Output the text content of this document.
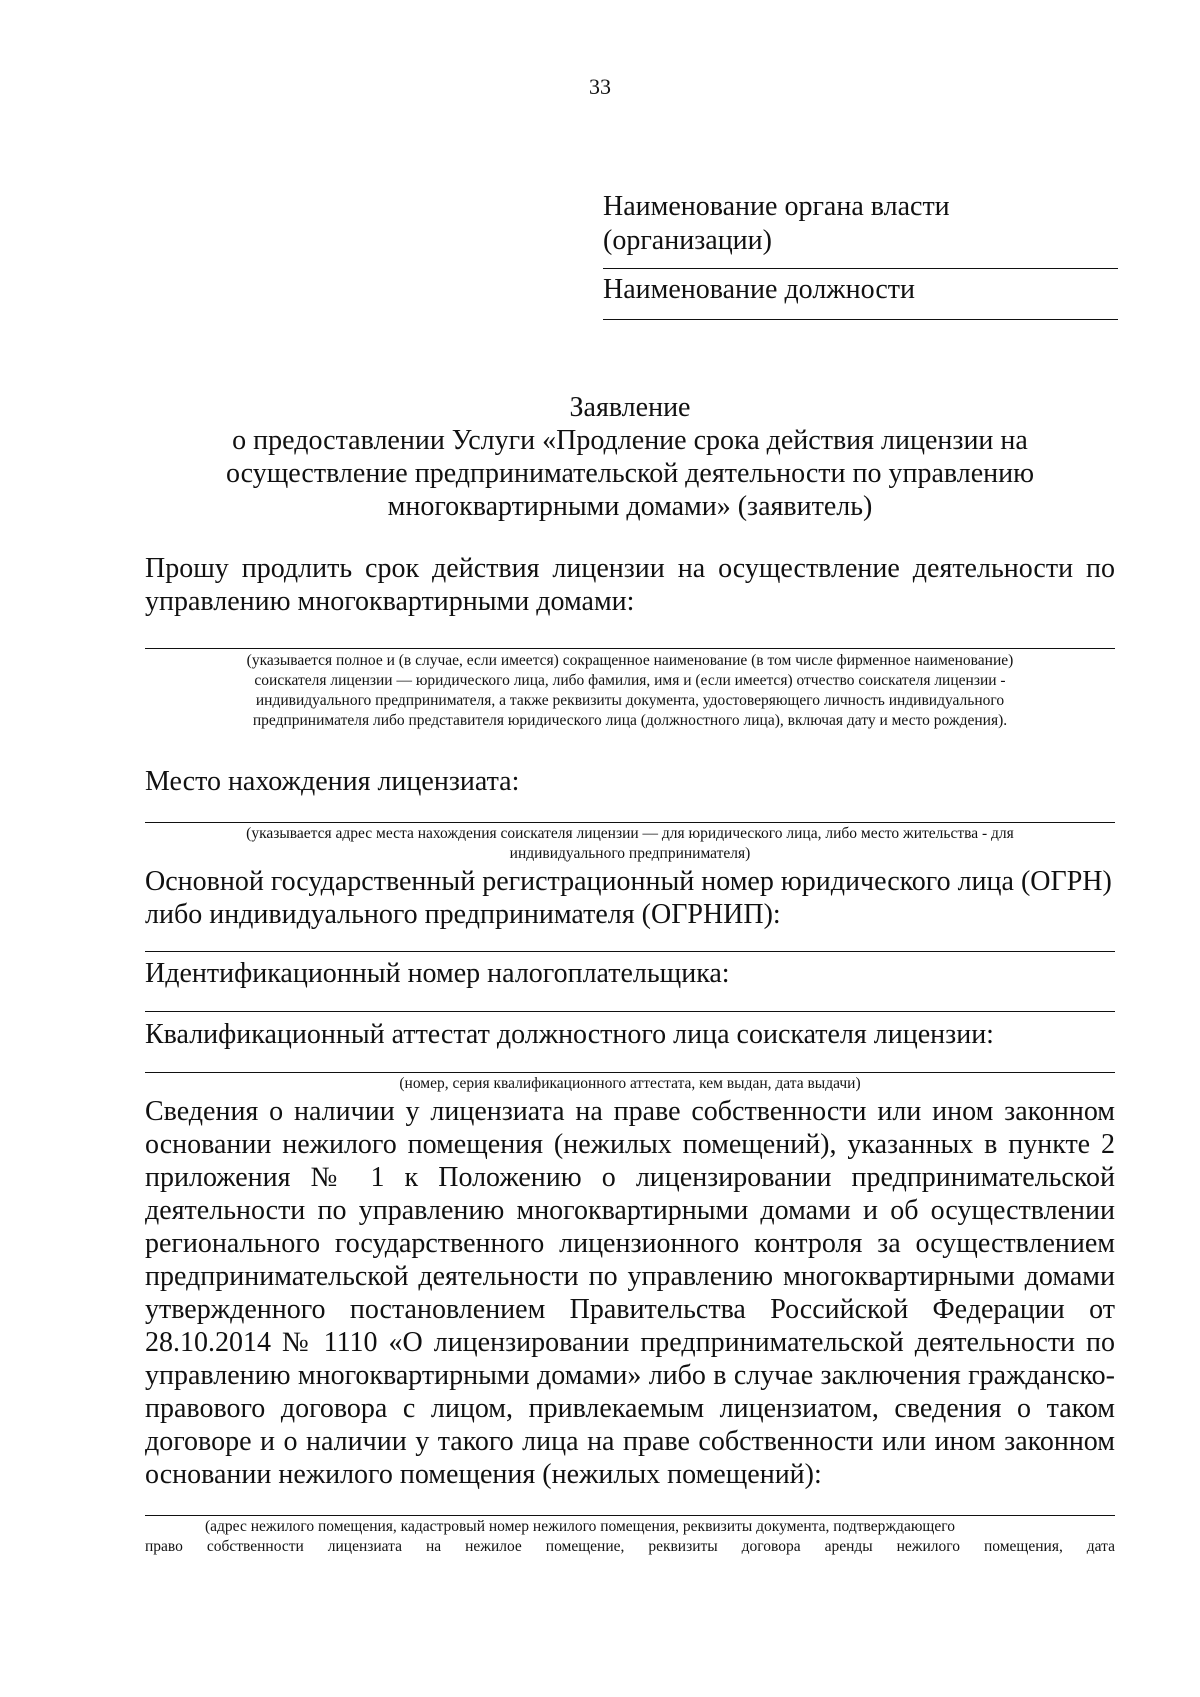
33
Наименование органа власти
(организации)
Наименование должности
Заявление
о предоставлении Услуги «Продление срока действия лицензии на
осуществление предпринимательской деятельности по управлению
многоквартирными домами» (заявитель)

Прошу продлить срок действия лицензии на осуществление деятельности по управлению многоквартирными домами:

(указывается полное и (в случае, если имеется) сокращенное наименование (в том числе фирменное наименование)
соискателя лицензии — юридического лица, либо фамилия, имя и (если имеется) отчество соискателя лицензии -
индивидуального предпринимателя, а также реквизиты документа, удостоверяющего личность индивидуального
предпринимателя либо представителя юридического лица (должностного лица), включая дату и место рождения).

Место нахождения лицензиата:

(указывается адрес места нахождения соискателя лицензии — для юридического лица, либо место жительства - для
индивидуального предпринимателя)

Основной государственный регистрационный номер юридического лица (ОГРН) либо индивидуального предпринимателя (ОГРНИП):

Идентификационный номер налогоплательщика:

Квалификационный аттестат должностного лица соискателя лицензии:

(номер, серия квалификационного аттестата, кем выдан, дата выдачи)

Сведения о наличии у лицензиата на праве собственности или ином законном основании нежилого помещения (нежилых помещений), указанных в пункте 2 приложения № 1 к Положению о лицензировании предпринимательской деятельности по управлению многоквартирными домами и об осуществлении регионального государственного лицензионного контроля за осуществлением предпринимательской деятельности по управлению многоквартирными домами утвержденного постановлением Правительства Российской Федерации от 28.10.2014 № 1110 «О лицензировании предпринимательской деятельности по управлению многоквартирными домами» либо в случае заключения гражданско-правового договора с лицом, привлекаемым лицензиатом, сведения о таком договоре и о наличии у такого лица на праве собственности или ином законном основании нежилого помещения (нежилых помещений):

(адрес нежилого помещения, кадастровый номер нежилого помещения, реквизиты документа, подтверждающего
право собственности лицензиата на нежилое помещение, реквизиты договора аренды нежилого помещения, дата
